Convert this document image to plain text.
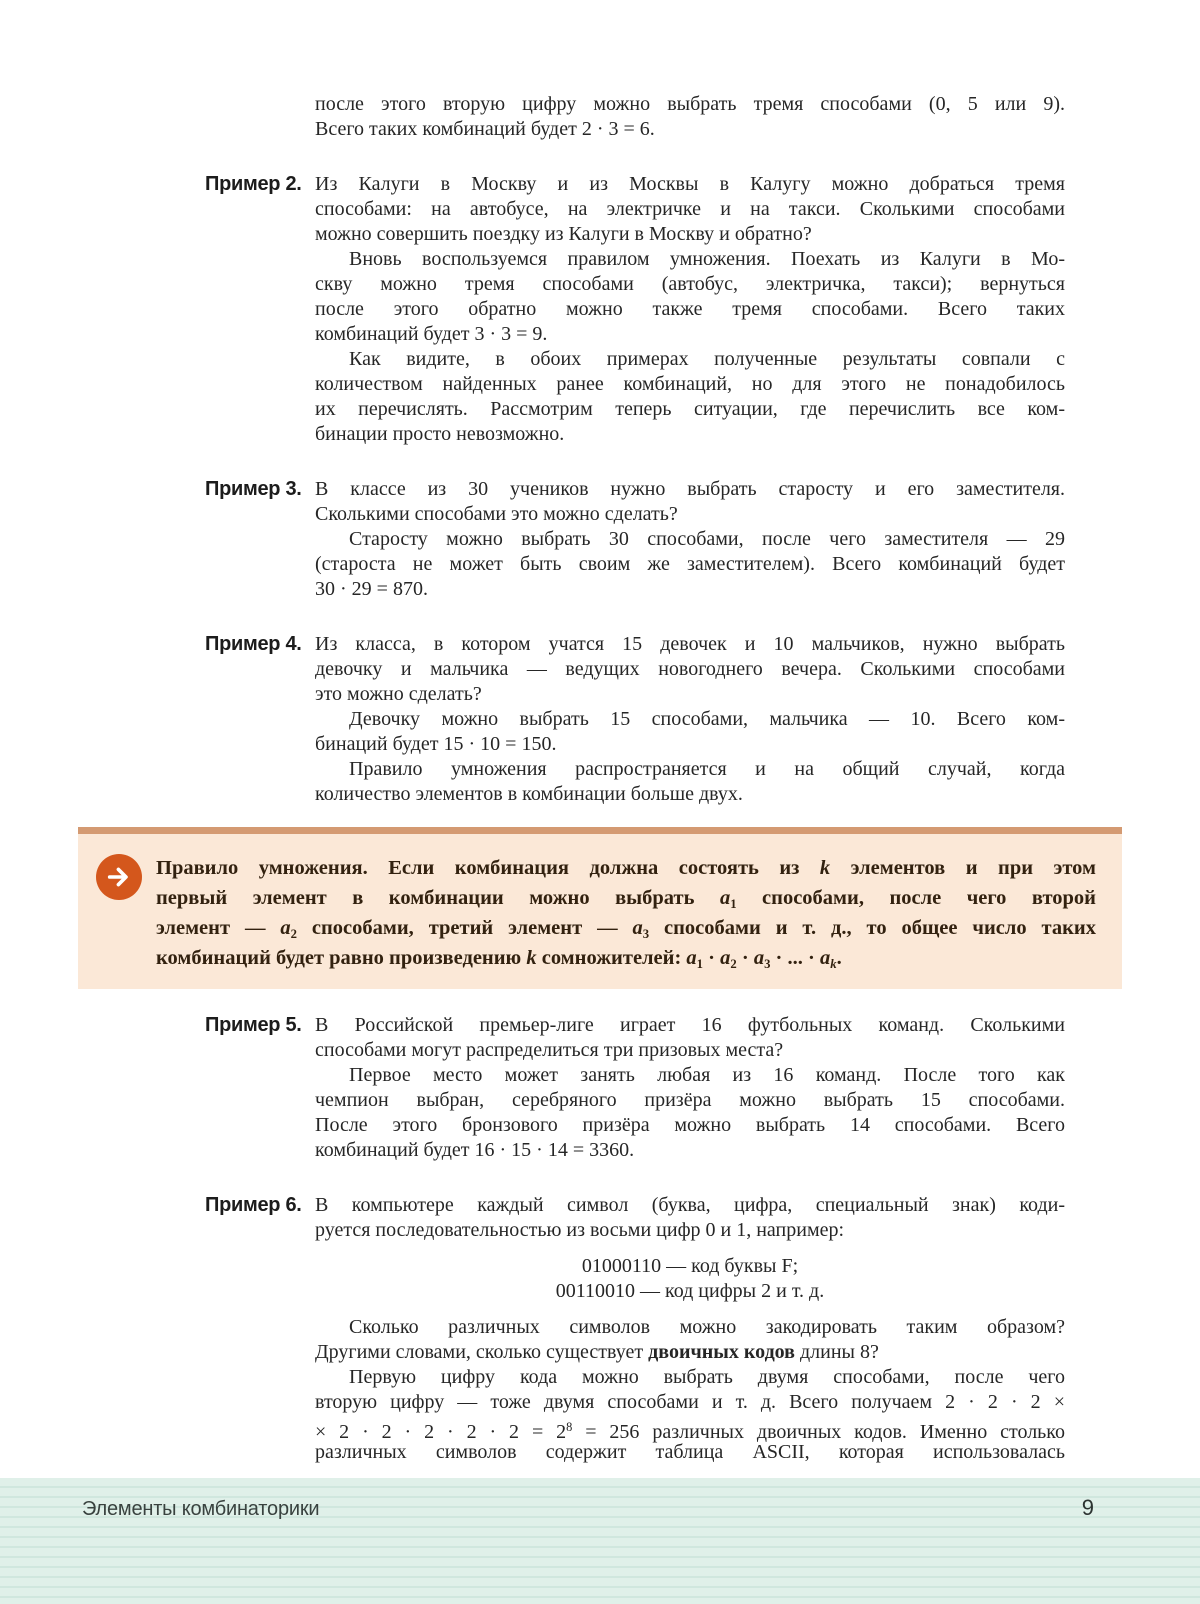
после этого вторую цифру можно выбрать тремя способами (0, 5 или 9).
Всего таких комбинаций будет 2 · 3 = 6.
Пример 2. Из Калуги в Москву и из Москвы в Калугу можно добраться тремя
способами: на автобусе, на электричке и на такси. Сколькими способами
можно совершить поездку из Калуги в Москву и обратно?
Вновь воспользуемся правилом умножения. Поехать из Калуги в Мо-
скву можно тремя способами (автобус, электричка, такси); вернуться
после этого обратно можно также тремя способами. Всего таких
комбинаций будет 3 · 3 = 9.
Как видите, в обоих примерах полученные результаты совпали с
количеством найденных ранее комбинаций, но для этого не понадобилось
их перечислять. Рассмотрим теперь ситуации, где перечислить все ком-
бинации просто невозможно.
Пример 3. В классе из 30 учеников нужно выбрать старосту и его заместителя.
Сколькими способами это можно сделать?
Старосту можно выбрать 30 способами, после чего заместителя — 29
(староста не может быть своим же заместителем). Всего комбинаций будет
30 · 29 = 870.
Пример 4. Из класса, в котором учатся 15 девочек и 10 мальчиков, нужно выбрать
девочку и мальчика — ведущих новогоднего вечера. Сколькими способами
это можно сделать?
Девочку можно выбрать 15 способами, мальчика — 10. Всего ком-
бинаций будет 15 · 10 = 150.
Правило умножения распространяется и на общий случай, когда
количество элементов в комбинации больше двух.
Правило умножения. Если комбинация должна состоять из k элементов и при этом
первый элемент в комбинации можно выбрать a1 способами, после чего второй
элемент — a2 способами, третий элемент — a3 способами и т. д., то общее число таких
комбинаций будет равно произведению k сомножителей: a1 · a2 · a3 · ... · ak.
Пример 5. В Российской премьер-лиге играет 16 футбольных команд. Сколькими
способами могут распределиться три призовых места?
Первое место может занять любая из 16 команд. После того как
чемпион выбран, серебряного призёра можно выбрать 15 способами.
После этого бронзового призёра можно выбрать 14 способами. Всего
комбинаций будет 16 · 15 · 14 = 3360.
Пример 6. В компьютере каждый символ (буква, цифра, специальный знак) коди-
руется последовательностью из восьми цифр 0 и 1, например:
01000110 — код буквы F;
00110010 — код цифры 2 и т. д.
Сколько различных символов можно закодировать таким образом?
Другими словами, сколько существует двоичных кодов длины 8?
Первую цифру кода можно выбрать двумя способами, после чего
вторую цифру — тоже двумя способами и т. д. Всего получаем 2 · 2 · 2 ×
× $2 \cdot 2 \cdot 2 \cdot 2 \cdot 2 = 2^8 = 256$ различных двоичных кодов. Именно столько
различных символов содержит таблица ASCII, которая использовалась
Элементы комбинаторики	9
